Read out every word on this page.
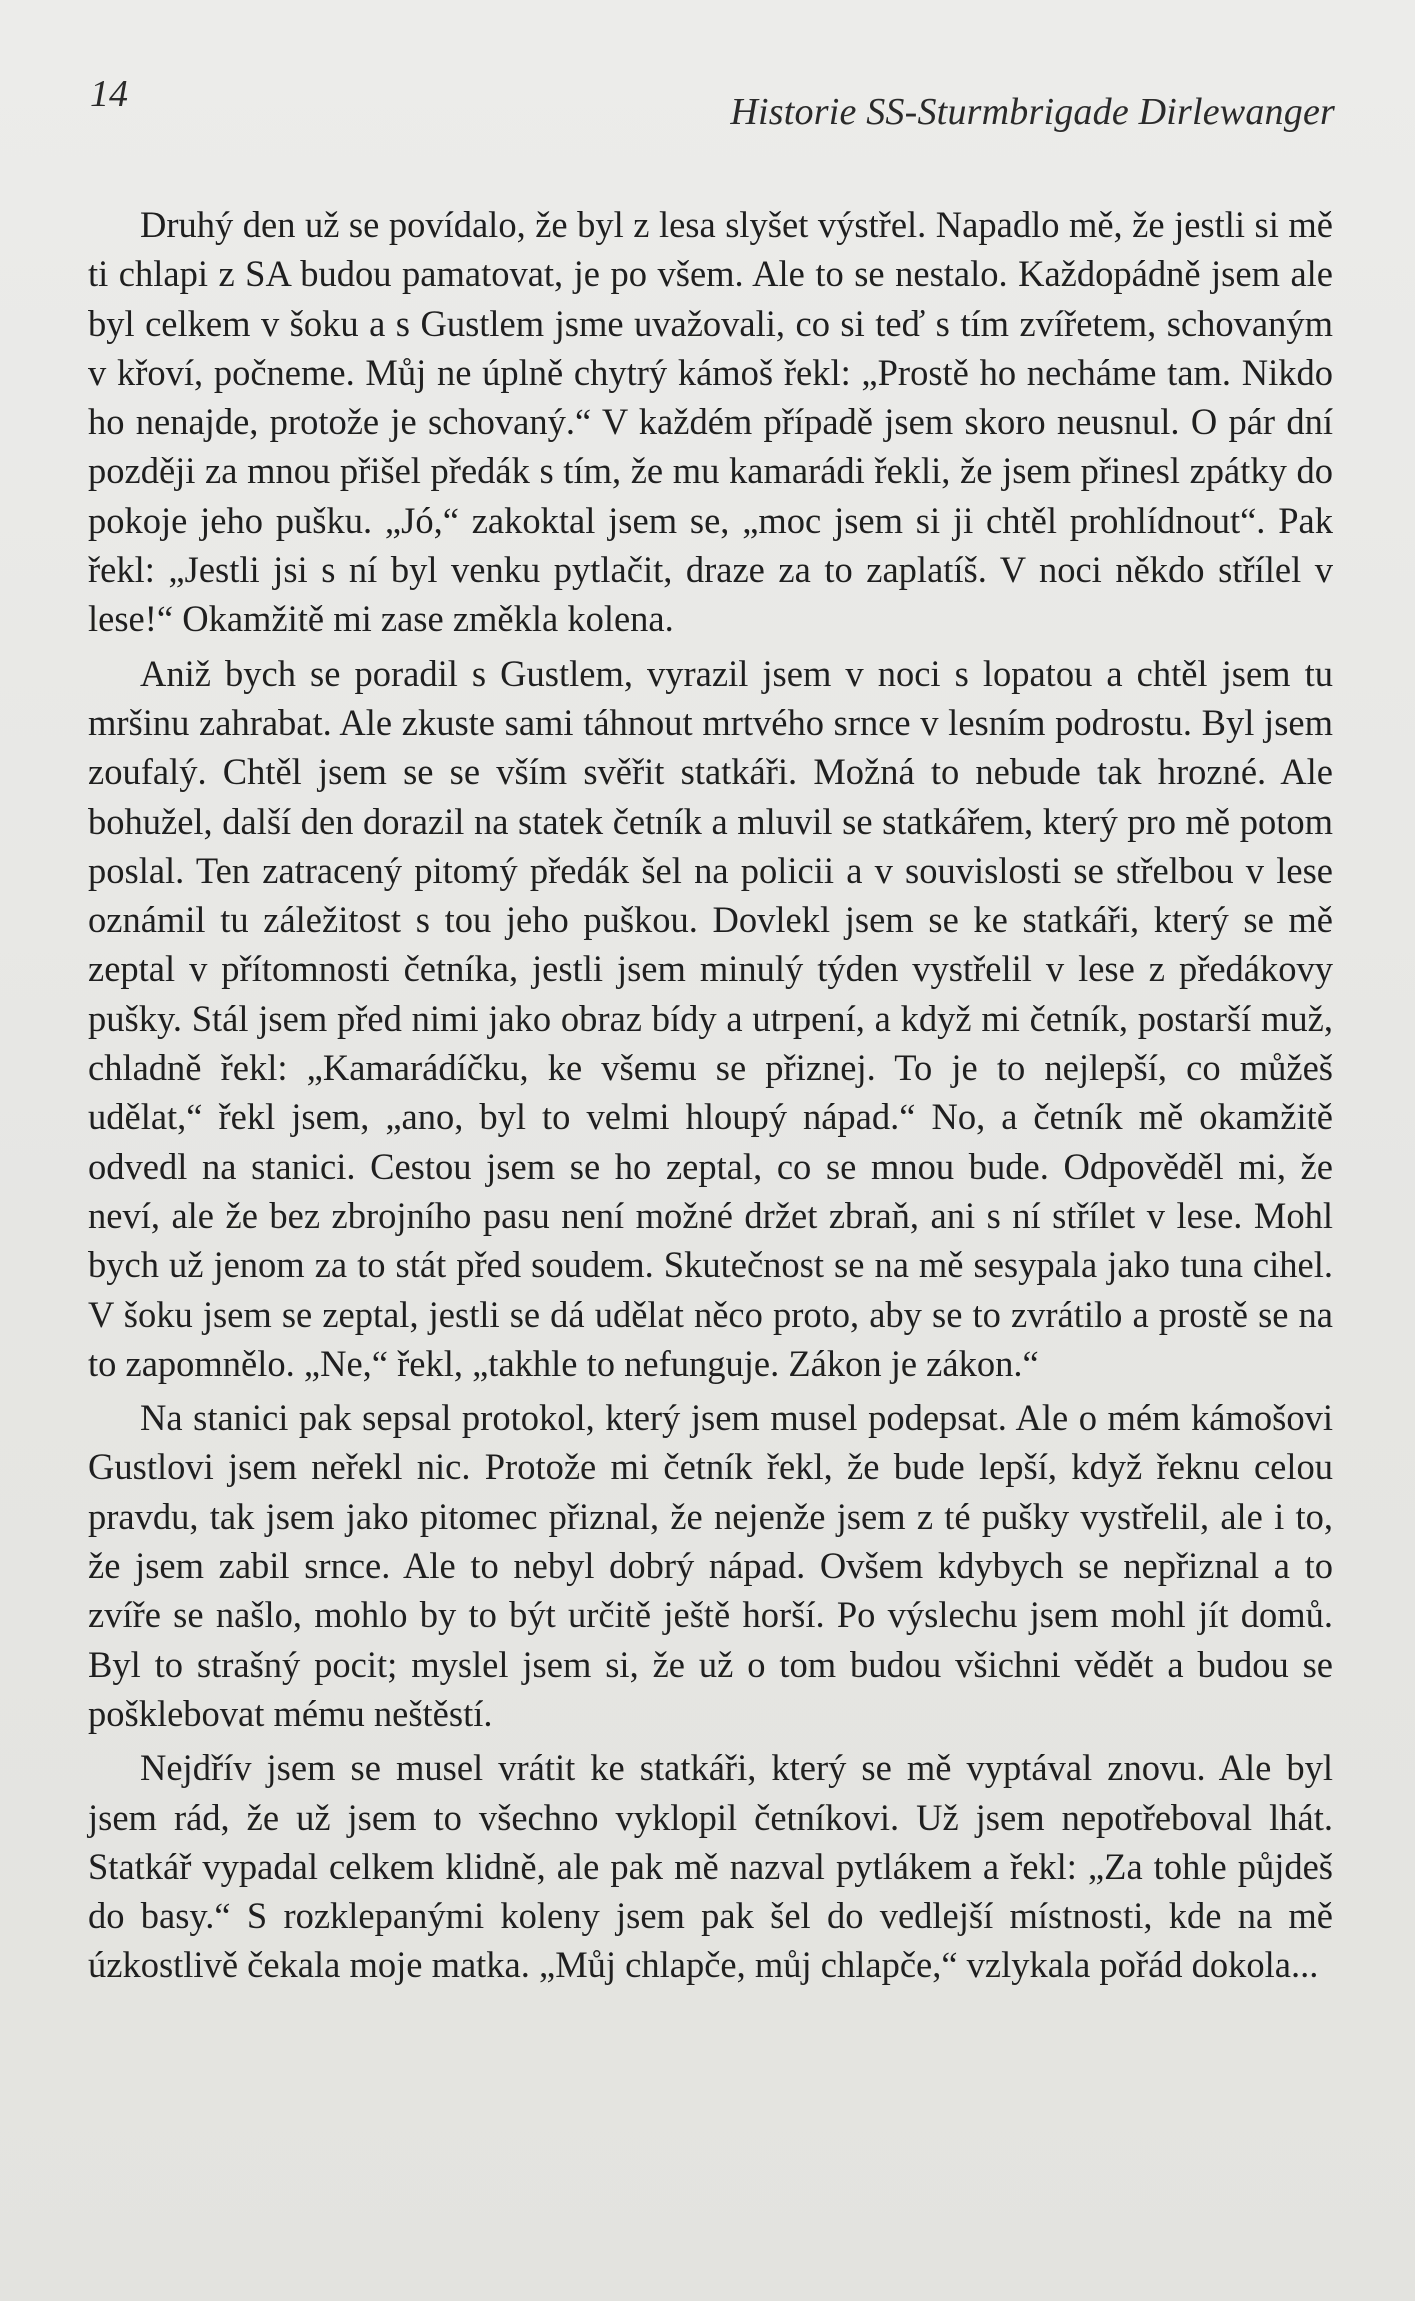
14	Historie SS-Sturmbrigade Dirlewanger

Druhý den už se povídalo, že byl z lesa slyšet výstřel. Napadlo mě, že jestli si mě ti chlapi z SA budou pamatovat, je po všem. Ale to se nestalo. Každopádně jsem ale byl celkem v šoku a s Gustlem jsme uvažovali, co si teď s tím zvířetem, schovaným v křoví, počneme. Můj ne úplně chytrý kámoš řekl: „Prostě ho necháme tam. Nikdo ho nenajde, protože je schovaný.“ V každém případě jsem skoro neusnul. O pár dní později za mnou přišel předák s tím, že mu kamarádi řekli, že jsem přinesl zpátky do pokoje jeho pušku. „Jó,“ zakoktal jsem se, „moc jsem si ji chtěl prohlídnout“. Pak řekl: „Jestli jsi s ní byl venku pytlačit, draze za to zaplatíš. V noci někdo střílel v lese!“ Okamžitě mi zase změkla kolena.

Aniž bych se poradil s Gustlem, vyrazil jsem v noci s lopatou a chtěl jsem tu mršinu zahrabat. Ale zkuste sami táhnout mrtvého srnce v lesním podrostu. Byl jsem zoufalý. Chtěl jsem se se vším svěřit statkáři. Možná to nebude tak hrozné. Ale bohužel, další den dorazil na statek četník a mluvil se statkářem, který pro mě potom poslal. Ten zatracený pitomý předák šel na policii a v souvislosti se střelbou v lese oznámil tu záležitost s tou jeho puškou. Dovlekl jsem se ke statkáři, který se mě zeptal v přítomnosti četníka, jestli jsem minulý týden vystřelil v lese z předákovy pušky. Stál jsem před nimi jako obraz bídy a utrpení, a když mi četník, postarší muž, chladně řekl: „Kamarádíčku, ke všemu se přiznej. To je to nejlepší, co můžeš udělat,“ řekl jsem, „ano, byl to velmi hloupý nápad.“ No, a četník mě okamžitě odvedl na stanici. Cestou jsem se ho zeptal, co se mnou bude. Odpověděl mi, že neví, ale že bez zbrojního pasu není možné držet zbraň, ani s ní střílet v lese. Mohl bych už jenom za to stát před soudem. Skutečnost se na mě sesypala jako tuna cihel. V šoku jsem se zeptal, jestli se dá udělat něco proto, aby se to zvrátilo a prostě se na to zapomnělo. „Ne,“ řekl, „takhle to nefunguje. Zákon je zákon.“

Na stanici pak sepsal protokol, který jsem musel podepsat. Ale o mém kámošovi Gustlovi jsem neřekl nic. Protože mi četník řekl, že bude lepší, když řeknu celou pravdu, tak jsem jako pitomec přiznal, že nejenže jsem z té pušky vystřelil, ale i to, že jsem zabil srnce. Ale to nebyl dobrý nápad. Ovšem kdybych se nepřiznal a to zvíře se našlo, mohlo by to být určitě ještě horší. Po výslechu jsem mohl jít domů. Byl to strašný pocit; myslel jsem si, že už o tom budou všichni vědět a budou se pošklebovat mému neštěstí.

Nejdřív jsem se musel vrátit ke statkáři, který se mě vyptával znovu. Ale byl jsem rád, že už jsem to všechno vyklopil četníkovi. Už jsem nepotřeboval lhát. Statkář vypadal celkem klidně, ale pak mě nazval pytlákem a řekl: „Za tohle půjdeš do basy.“ S rozklepanými koleny jsem pak šel do vedlejší místnosti, kde na mě úzkostlivě čekala moje matka. „Můj chlapče, můj chlapče,“ vzlykala pořád dokola...
